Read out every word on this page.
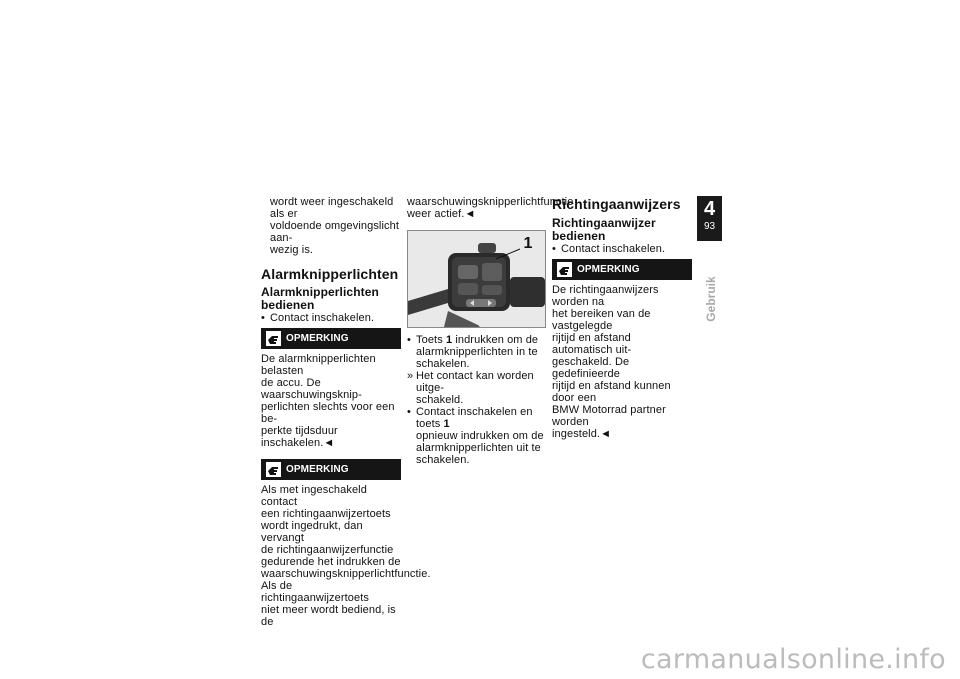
wordt weer ingeschakeld als er

voldoende omgevingslicht aan-

wezig is.

Alarmknipperlichten
Alarmknipperlichten
bedienen
• Contact inschakelen.
OPMERKING

De alarmknipperlichten belasten

de accu. De waarschuwingsknip-

perlichten slechts voor een be-

perkte tijdsduur inschakelen.◄

OPMERKING

Als met ingeschakeld contact

een richtingaanwijzertoets

wordt ingedrukt, dan vervangt

de richtingaanwijzerfunctie

gedurende het indrukken de

waarschuwingsknipperlichtfunctie.

Als de richtingaanwijzertoets

niet meer wordt bediend, is de

waarschuwingsknipperlichtfunctie

weer actief.◄

1
• Toets 1 indrukken om de
alarmknipperlichten in te
schakelen.
» Het contact kan worden uitge-
schakeld.
• Contact inschakelen en toets 1
opnieuw indrukken om de
alarmknipperlichten uit te
schakelen.
Richtingaanwijzers
Richtingaanwijzer
bedienen
• Contact inschakelen.
OPMERKING

De richtingaanwijzers worden na

het bereiken van de vastgelegde

rijtijd en afstand automatisch uit-

geschakeld. De gedefinieerde

rijtijd en afstand kunnen door een

BMW Motorrad partner worden

ingesteld.◄

4
93
Gebruik
carmanualsonline.info
